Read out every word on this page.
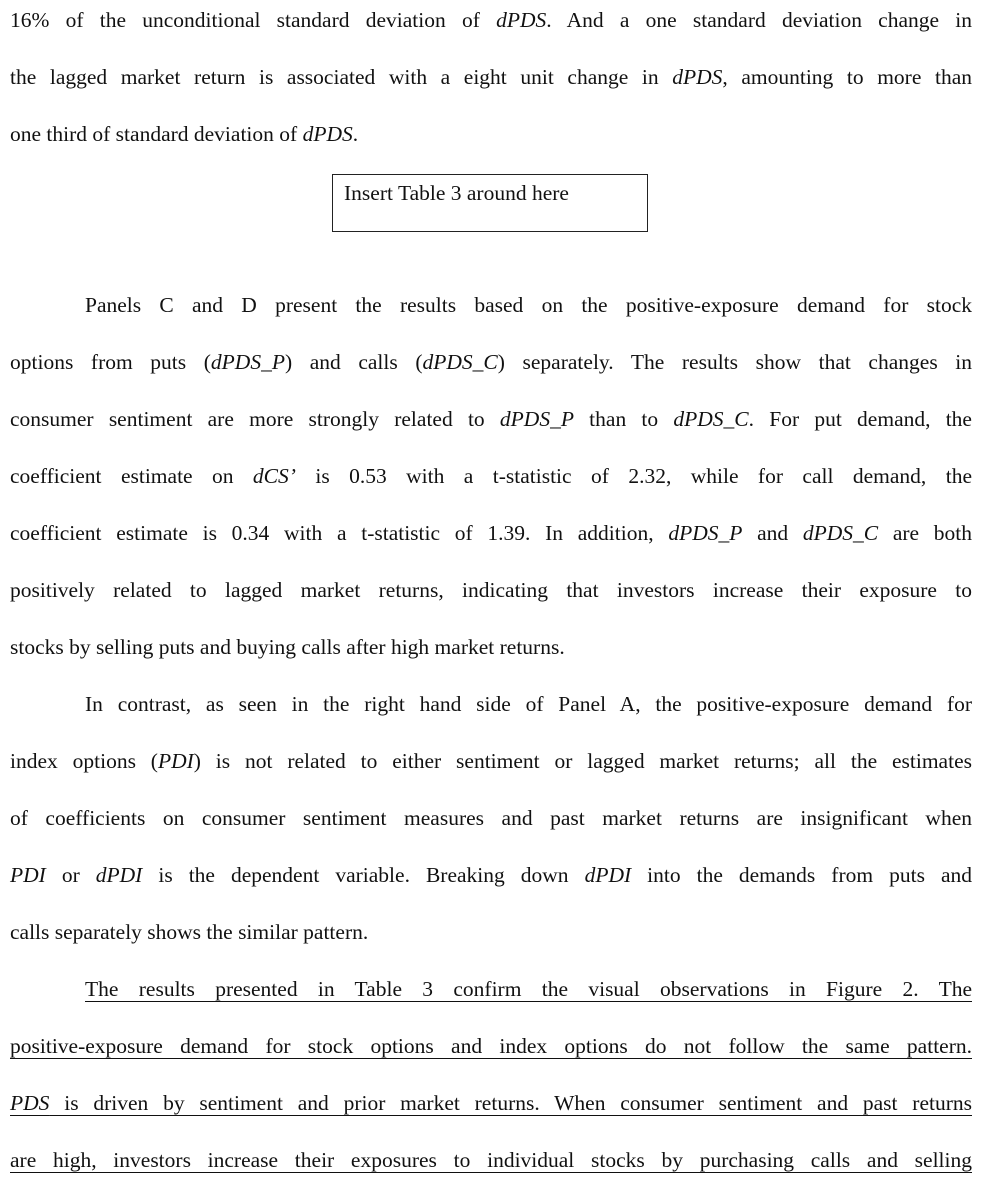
16% of the unconditional standard deviation of dPDS. And a one standard deviation change in
the lagged market return is associated with a eight unit change in dPDS, amounting to more than
one third of standard deviation of dPDS.
Insert Table 3 around here
Panels C and D present the results based on the positive-exposure demand for stock
options from puts (dPDS_P) and calls (dPDS_C) separately. The results show that changes in
consumer sentiment are more strongly related to dPDS_P than to dPDS_C. For put demand, the
coefficient estimate on dCS’ is 0.53 with a t-statistic of 2.32, while for call demand, the
coefficient estimate is 0.34 with a t-statistic of 1.39. In addition, dPDS_P and dPDS_C are both
positively related to lagged market returns, indicating that investors increase their exposure to
stocks by selling puts and buying calls after high market returns.
In contrast, as seen in the right hand side of Panel A, the positive-exposure demand for
index options (PDI) is not related to either sentiment or lagged market returns; all the estimates
of coefficients on consumer sentiment measures and past market returns are insignificant when
PDI or dPDI is the dependent variable. Breaking down dPDI into the demands from puts and
calls separately shows the similar pattern.
The results presented in Table 3 confirm the visual observations in Figure 2. The
positive-exposure demand for stock options and index options do not follow the same pattern.
PDS is driven by sentiment and prior market returns. When consumer sentiment and past returns
are high, investors increase their exposures to individual stocks by purchasing calls and selling
